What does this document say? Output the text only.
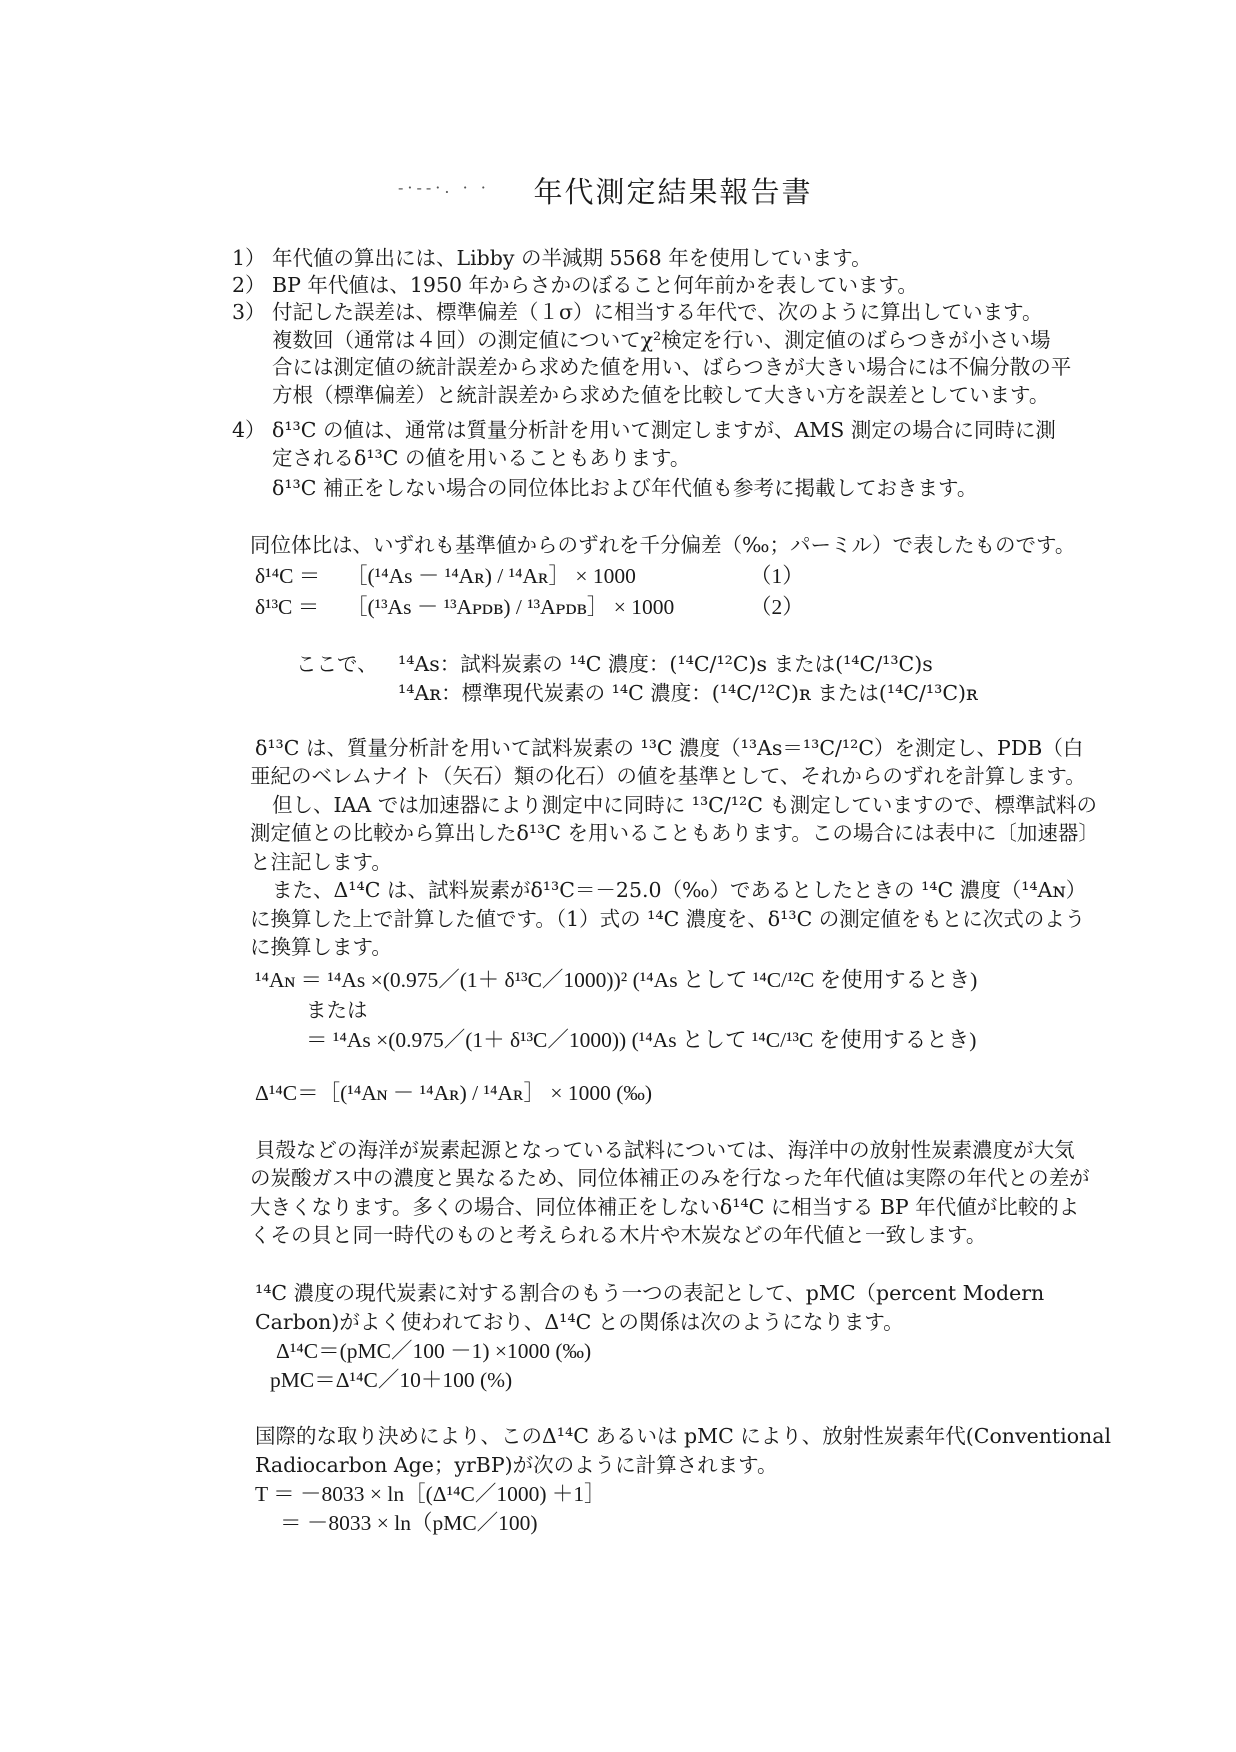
-·--·. · ·	年代測定結果報告書
1） 年代値の算出には、Libby の半減期 5568 年を使用しています。
2） BP 年代値は、1950 年からさかのぼること何年前かを表しています。
3） 付記した誤差は、標準偏差（１σ）に相当する年代で、次のように算出しています。
複数回（通常は４回）の測定値についてχ²検定を行い、測定値のばらつきが小さい場
合には測定値の統計誤差から求めた値を用い、ばらつきが大きい場合には不偏分散の平
方根（標準偏差）と統計誤差から求めた値を比較して大きい方を誤差としています。
4） δ¹³C の値は、通常は質量分析計を用いて測定しますが、AMS 測定の場合に同時に測
定されるδ¹³C の値を用いることもあります。
δ¹³C 補正をしない場合の同位体比および年代値も参考に掲載しておきます。
同位体比は、いずれも基準値からのずれを千分偏差（‰；パーミル）で表したものです。
δ¹⁴C ＝ ［(¹⁴As － ¹⁴Aʀ) / ¹⁴Aʀ］ × 1000	（1）
δ¹³C ＝ ［(¹³As － ¹³Aᴘᴅʙ) / ¹³Aᴘᴅʙ］ × 1000	（2）
ここで、 ¹⁴As：試料炭素の ¹⁴C 濃度：(¹⁴C/¹²C)s または(¹⁴C/¹³C)s
¹⁴Aʀ：標準現代炭素の ¹⁴C 濃度：(¹⁴C/¹²C)ʀ または(¹⁴C/¹³C)ʀ
δ¹³C は、質量分析計を用いて試料炭素の ¹³C 濃度（¹³As＝¹³C/¹²C）を測定し、PDB（白
亜紀のベレムナイト（矢石）類の化石）の値を基準として、それからのずれを計算します。
但し、IAA では加速器により測定中に同時に ¹³C/¹²C も測定していますので、標準試料の
測定値との比較から算出したδ¹³C を用いることもあります。この場合には表中に〔加速器〕
と注記します。
また、Δ¹⁴C は、試料炭素がδ¹³C＝－25.0（‰）であるとしたときの ¹⁴C 濃度（¹⁴Aɴ）
に換算した上で計算した値です。（1）式の ¹⁴C 濃度を、δ¹³C の測定値をもとに次式のよう
に換算します。
¹⁴Aɴ ＝ ¹⁴As ×(0.975／(1＋ δ¹³C／1000))² (¹⁴As として ¹⁴C/¹²C を使用するとき)
または
＝ ¹⁴As ×(0.975／(1＋ δ¹³C／1000)) (¹⁴As として ¹⁴C/¹³C を使用するとき)
Δ¹⁴C＝［(¹⁴Aɴ － ¹⁴Aʀ) / ¹⁴Aʀ］ × 1000 (‰)
貝殻などの海洋が炭素起源となっている試料については、海洋中の放射性炭素濃度が大気
の炭酸ガス中の濃度と異なるため、同位体補正のみを行なった年代値は実際の年代との差が
大きくなります。多くの場合、同位体補正をしないδ¹⁴C に相当する BP 年代値が比較的よ
くその貝と同一時代のものと考えられる木片や木炭などの年代値と一致します。
¹⁴C 濃度の現代炭素に対する割合のもう一つの表記として、pMC（percent Modern
Carbon)がよく使われており、Δ¹⁴C との関係は次のようになります。
Δ¹⁴C＝(pMC／100 －1) ×1000 (‰)
pMC＝Δ¹⁴C／10＋100 (%)
国際的な取り決めにより、このΔ¹⁴C あるいは pMC により、放射性炭素年代(Conventional
Radiocarbon Age；yrBP)が次のように計算されます。
T ＝ －8033 × ln［(Δ¹⁴C／1000) ＋1］
＝ －8033 × ln（pMC／100)
